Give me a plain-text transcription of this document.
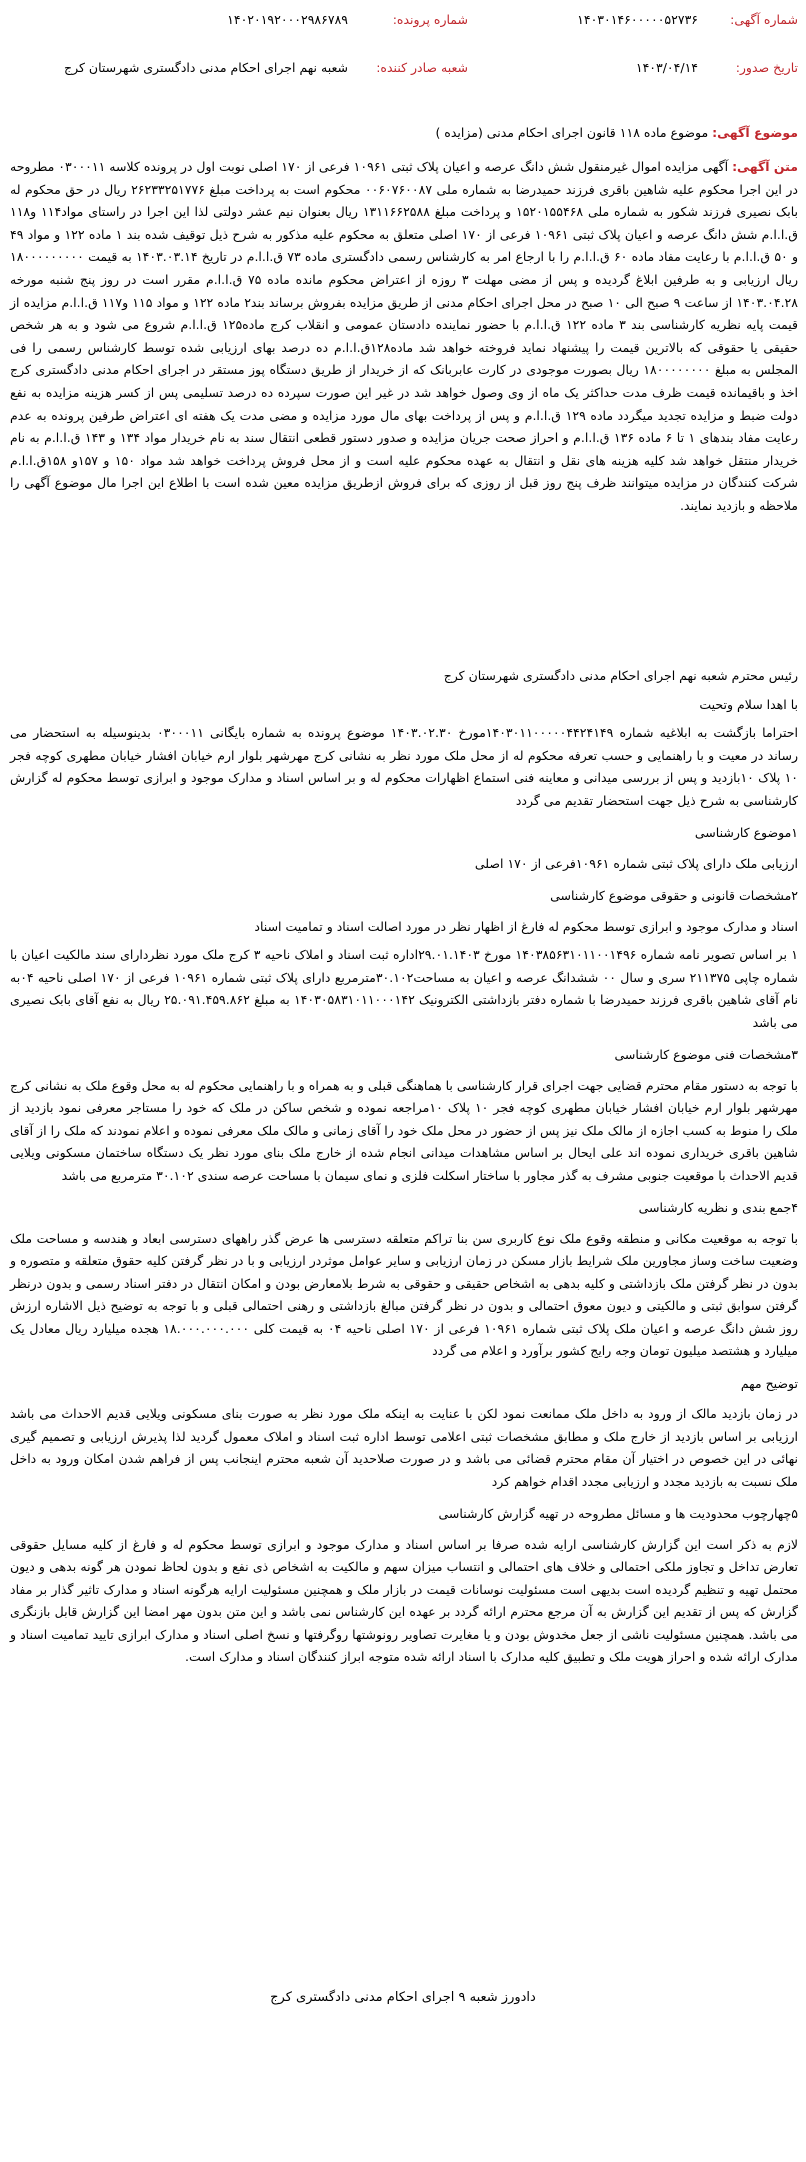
شماره آگهی:
۱۴۰۳۰۱۴۶۰۰۰۰۰۵۲۷۳۶
شماره پرونده:
۱۴۰۲۰۱۹۲۰۰۰۲۹۸۶۷۸۹
تاریخ صدور:
۱۴۰۳/۰۴/۱۴
شعبه صادر کننده:
شعبه نهم اجرای احکام مدنی دادگستری شهرستان کرج
موضوع آگهی: موضوع ماده ۱۱۸ قانون اجرای احکام مدنی (مزایده )
متن آگهی: آگهی مزایده اموال غیرمنقول شش دانگ عرصه و اعیان پلاک ثبتی ۱۰۹۶۱ فرعی از ۱۷۰ اصلی نوبت اول در پرونده کلاسه ۰۳۰۰۰۱۱ مطروحه در این اجرا محکوم علیه شاهین باقری فرزند حمیدرضا به شماره ملی ۰۰۶۰۷۶۰۰۸۷ محکوم است به پرداخت مبلغ ۲۶۲۳۳۲۵۱۷۷۶ ریال در حق محکوم له بابک نصیری فرزند شکور به شماره ملی ۱۵۲۰۱۵۵۴۶۸ و پرداخت مبلغ ۱۳۱۱۶۶۲۵۸۸ ریال بعنوان نیم عشر دولتی لذا این اجرا در راستای مواد۱۱۴ و۱۱۸ ق.ا.ا.م شش دانگ عرصه و اعیان پلاک ثبتی ۱۰۹۶۱ فرعی از ۱۷۰ اصلی متعلق به محکوم علیه مذکور به شرح ذیل توقیف شده بند ۱ ماده ۱۲۲ و مواد ۴۹ و ۵۰ ق.ا.ا.م با رعایت مفاد ماده ۶۰ ق.ا.ا.م را با ارجاع امر به کارشناس رسمی دادگستری ماده ۷۳ ق.ا.ا.م در تاریخ ۱۴۰۳.۰۳.۱۴ به قیمت ۱۸۰۰۰۰۰۰۰۰۰ ریال ارزیابی و به طرفین ابلاغ گردیده و پس از مضی مهلت ۳ روزه از اعتراض محکوم مانده ماده ۷۵ ق.ا.ا.م مقرر است در روز پنج شنبه مورخه ۱۴۰۳.۰۴.۲۸ از ساعت ۹ صبح الی ۱۰ صبح در محل اجرای احکام مدنی از طریق مزایده بفروش برساند بند۲ ماده ۱۲۲ و مواد ۱۱۵ و۱۱۷ ق.ا.ا.م مزایده از قیمت پایه نظریه کارشناسی بند ۳ ماده ۱۲۲ ق.ا.ا.م با حضور نماینده دادستان عمومی و انقلاب کرج ماده۱۲۵ ق.ا.ا.م شروع می شود و به هر شخص حقیقی یا حقوقی که بالاترین قیمت را پیشنهاد نماید فروخته خواهد شد ماده۱۲۸ق.ا.ا.م ده درصد بهای ارزیابی شده توسط کارشناس رسمی را فی المجلس به مبلغ ۱۸۰۰۰۰۰۰۰۰ ریال بصورت موجودی در کارت عابربانک که از خریدار از طریق دستگاه پوز مستقر در اجرای احکام مدنی دادگستری کرج اخذ و باقیمانده قیمت ظرف مدت حداکثر یک ماه از وی وصول خواهد شد در غیر این صورت سپرده ده درصد تسلیمی پس از کسر هزینه مزایده به نفع دولت ضبط و مزایده تجدید میگردد ماده ۱۲۹ ق.ا.ا.م و پس از پرداخت بهای مال مورد مزایده و مضی مدت یک هفته ای اعتراض طرفین پرونده به عدم رعایت مفاد بندهای ۱ تا ۶ ماده ۱۳۶ ق.ا.ا.م و احراز صحت جریان مزایده و صدور دستور قطعی انتقال سند به نام خریدار مواد ۱۳۴ و ۱۴۳ ق.ا.ا.م به نام خریدار منتقل خواهد شد کلیه هزینه های نقل و انتقال به عهده محکوم علیه است و از محل فروش پرداخت خواهد شد مواد ۱۵۰ و ۱۵۷و ۱۵۸ق.ا.ا.م شرکت کنندگان در مزایده میتوانند ظرف پنج روز قبل از روزی که برای فروش ازطریق مزایده معین شده است با اطلاع این اجرا مال موضوع آگهی را ملاحظه و بازدید نمایند.

رئیس محترم شعبه نهم اجرای احکام مدنی دادگستری شهرستان کرج

با اهدا سلام وتحیت

احتراما بازگشت به ابلاغیه شماره ۱۴۰۳۰۱۱۰۰۰۰۰۴۴۲۴۱۴۹مورخ ۱۴۰۳.۰۲.۳۰ موضوع پرونده به شماره بایگانی ۰۳۰۰۰۱۱ بدینوسیله به استحضار می رساند در معیت و با راهنمایی و حسب تعرفه محکوم له از محل ملک مورد نظر به نشانی کرج مهرشهر بلوار ارم خیابان افشار خیابان مطهری کوچه فجر ۱۰ پلاک ۱۰بازدید و پس از بررسی میدانی و معاینه فنی استماع اظهارات محکوم له و بر اساس اسناد و مدارک موجود و ابرازی توسط محکوم له گزارش کارشناسی به شرح ذیل جهت استحضار تقدیم می گردد

۱موضوع کارشناسی

ارزیابی ملک دارای پلاک ثبتی شماره ۱۰۹۶۱فرعی از ۱۷۰ اصلی

۲مشخصات قانونی و حقوقی موضوع کارشناسی

اسناد و مدارک موجود و ابرازی توسط محکوم له فارغ از اظهار نظر در مورد اصالت اسناد و تمامیت اسناد

۱ بر اساس تصویر نامه شماره ۱۴۰۳۸۵۶۳۱۰۱۱۰۰۱۴۹۶ مورخ ۲۹.۰۱.۱۴۰۳اداره ثبت اسناد و املاک ناحیه ۳ کرج ملک مورد نظردارای سند مالکیت اعیان با شماره چاپی ۲۱۱۳۷۵ سری و سال ۰۰ ششدانگ عرصه و اعیان به مساحت۳۰.۱۰۲مترمربع دارای پلاک ثبتی شماره ۱۰۹۶۱ فرعی از ۱۷۰ اصلی ناحیه ۰۴به نام آقای شاهین باقری فرزند حمیدرضا با شماره دفتر بازداشتی الکترونیک ۱۴۰۳۰۵۸۳۱۰۱۱۰۰۰۱۴۲ به مبلغ ۲۵.۰۹۱.۴۵۹.۸۶۲ ریال به نفع آقای بابک نصیری می باشد

۳مشخصات فنی موضوع کارشناسی

با توجه به دستور مقام محترم قضایی جهت اجرای قرار کارشناسی با هماهنگی قبلی و به همراه و با راهنمایی محکوم له به محل وقوع ملک به نشانی کرج مهرشهر بلوار ارم خیابان افشار خیابان مطهری کوچه فجر ۱۰ پلاک ۱۰مراجعه نموده و شخص ساکن در ملک که خود را مستاجر معرفی نمود بازدید از ملک را منوط به کسب اجازه از مالک ملک نیز پس از حضور در محل ملک خود را آقای زمانی و مالک ملک معرفی نموده و اعلام نمودند که ملک را از آقای شاهین باقری خریداری نموده اند علی ایحال بر اساس مشاهدات میدانی انجام شده از خارج ملک بنای مورد نظر یک دستگاه ساختمان مسکونی ویلایی قدیم الاحداث با موقعیت جنوبی مشرف به گذر مجاور با ساختار اسکلت فلزی و نمای سیمان با مساحت عرصه سندی ۳۰.۱۰۲ مترمربع می باشد

۴جمع بندی و نظریه کارشناسی

با توجه به موقعیت مکانی و منطقه وقوع ملک نوع کاربری سن بنا تراکم متعلقه دسترسی ها عرض گذر راههای دسترسی ابعاد و هندسه و مساحت ملک وضعیت ساخت وساز مجاورین ملک شرایط بازار مسکن در زمان ارزیابی و سایر عوامل موثردر ارزیابی و با در نظر گرفتن کلیه حقوق متعلقه و متصوره و بدون در نظر گرفتن ملک بازداشتی و کلیه بدهی به اشخاص حقیقی و حقوقی به شرط بلامعارض بودن و امکان انتقال در دفتر اسناد رسمی و بدون درنظر گرفتن سوابق ثبتی و مالکیتی و دیون معوق احتمالی و بدون در نظر گرفتن مبالغ بازداشتی و رهنی احتمالی قبلی و با توجه به توضیح ذیل الاشاره ارزش روز شش دانگ عرصه و اعیان ملک پلاک ثبتی شماره ۱۰۹۶۱ فرعی از ۱۷۰ اصلی ناحیه ۰۴ به قیمت کلی ۱۸.۰۰۰.۰۰۰.۰۰۰ هجده میلیارد ریال معادل یک میلیارد و هشتصد میلیون تومان وجه رایج کشور برآورد و اعلام می گردد

توضیح مهم

در زمان بازدید مالک از ورود به داخل ملک ممانعت نمود لکن با عنایت به اینکه ملک مورد نظر به صورت بنای مسکونی ویلایی قدیم الاحداث می باشد ارزیابی بر اساس بازدید از خارج ملک و مطابق مشخصات ثبتی اعلامی توسط اداره ثبت اسناد و املاک معمول گردید لذا پذیرش ارزیابی و تصمیم گیری نهائی در این خصوص در اختیار آن مقام محترم قضائی می باشد و در صورت صلاحدید آن شعبه محترم اینجانب پس از فراهم شدن امکان ورود به داخل ملک نسبت به بازدید مجدد و ارزیابی مجدد اقدام خواهم کرد

۵چهارچوب محدودیت ها و مسائل مطروحه در تهیه گزارش کارشناسی

لازم به ذکر است این گزارش کارشناسی ارایه شده صرفا بر اساس اسناد و مدارک موجود و ابرازی توسط محکوم له و فارغ از کلیه مسایل حقوقی تعارض تداخل و تجاوز ملکی احتمالی و خلاف های احتمالی و انتساب میزان سهم و مالکیت به اشخاص ذی نفع و بدون لحاظ نمودن هر گونه بدهی و دیون محتمل تهیه و تنظیم گردیده است بدیهی است مسئولیت نوسانات قیمت در بازار ملک و همچنین مسئولیت ارایه هرگونه اسناد و مدارک تاثیر گذار بر مفاد گزارش که پس از تقدیم این گزارش به آن مرجع محترم ارائه گردد بر عهده این کارشناس نمی باشد و این متن بدون مهر امضا این گزارش قابل بازنگری می باشد. همچنین مسئولیت ناشی از جعل مخدوش بودن و یا مغایرت تصاویر رونوشتها روگرفتها و نسخ اصلی اسناد و مدارک ابرازی تایید تمامیت اسناد و مدارک ارائه شده و احراز هویت ملک و تطبیق کلیه مدارک با اسناد ارائه شده متوجه ابراز کنندگان اسناد و مدارک است.

دادورز شعبه ۹ اجرای احکام مدنی دادگستری کرج
